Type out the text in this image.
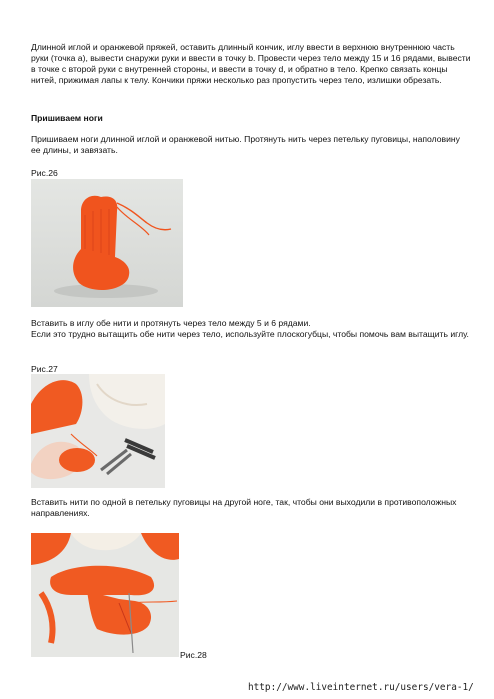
Длинной иглой и оранжевой пряжей, оставить длинный кончик, иглу ввести в верхнюю внутреннюю часть руки (точка a), вывести снаружи руки и ввести в точку b. Провести через тело между 15 и 16 рядами, вывести в точке с второй руки с внутренней стороны, и ввести в точку d, и обратно в тело. Крепко связать концы нитей, прижимая лапы к телу. Кончики пряжи несколько раз пропустить через тело, излишки обрезать.

Пришиваем ноги

Пришиваем ноги длинной иглой и оранжевой нитью. Протянуть нить через петельку пуговицы, наполовину ее длины, и завязать.

Рис.26

Вставить в иглу обе нити и протянуть через тело между 5 и 6 рядами.

Если это трудно вытащить обе нити через тело, используйте плоскогубцы, чтобы помочь вам вытащить иглу.

Рис.27

Вставить нити по одной в петельку пуговицы на другой ноге, так, чтобы они выходили в противоположных направлениях.

Рис.28

http://www.liveinternet.ru/users/vera-1/
